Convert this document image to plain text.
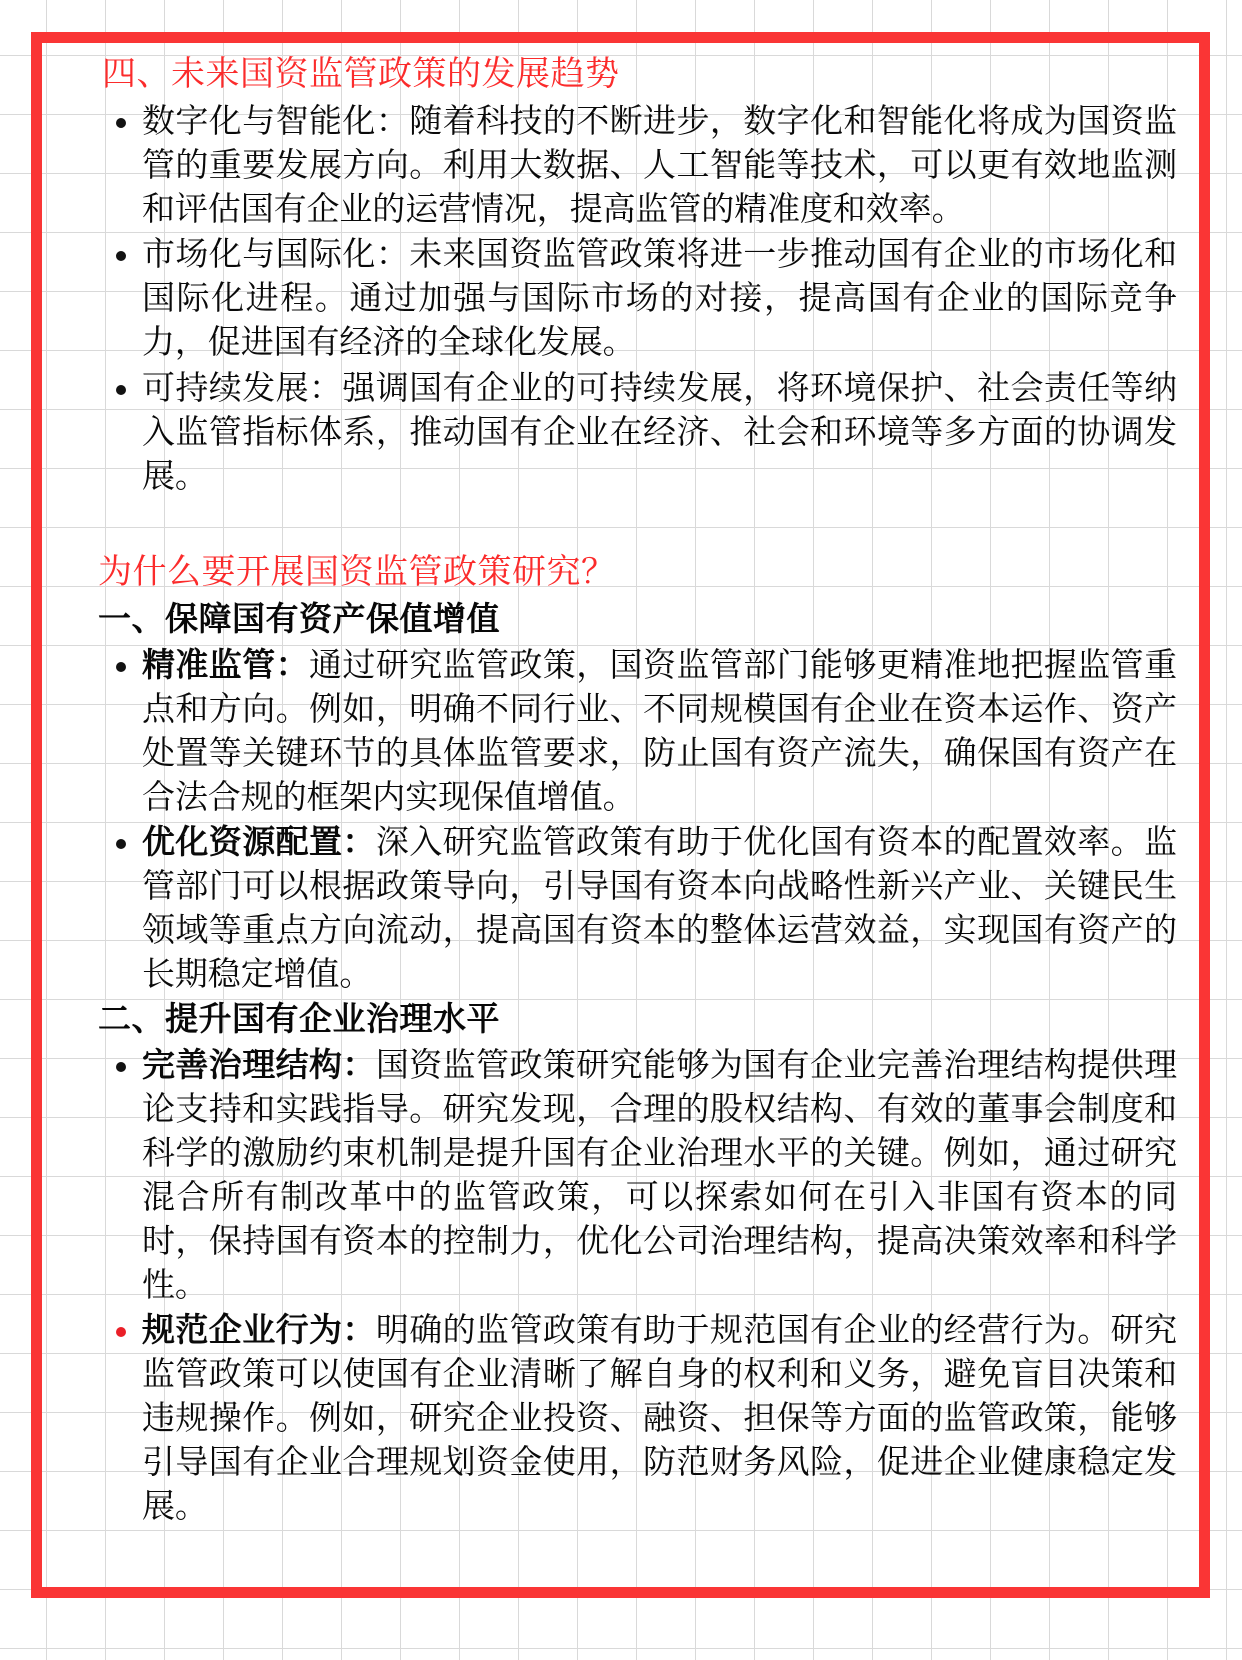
四、未来国资监管政策的发展趋势
数字化与智能化：随着科技的不断进步，数字化和智能化将成为国资监管的重要发展方向。利用大数据、人工智能等技术，可以更有效地监测和评估国有企业的运营情况，提高监管的精准度和效率。
市场化与国际化：未来国资监管政策将进一步推动国有企业的市场化和国际化进程。通过加强与国际市场的对接，提高国有企业的国际竞争力，促进国有经济的全球化发展。
可持续发展：强调国有企业的可持续发展，将环境保护、社会责任等纳入监管指标体系，推动国有企业在经济、社会和环境等多方面的协调发展。
为什么要开展国资监管政策研究？
一、保障国有资产保值增值
精准监管：通过研究监管政策，国资监管部门能够更精准地把握监管重点和方向。例如，明确不同行业、不同规模国有企业在资本运作、资产处置等关键环节的具体监管要求，防止国有资产流失，确保国有资产在合法合规的框架内实现保值增值。
优化资源配置：深入研究监管政策有助于优化国有资本的配置效率。监管部门可以根据政策导向，引导国有资本向战略性新兴产业、关键民生领域等重点方向流动，提高国有资本的整体运营效益，实现国有资产的长期稳定增值。
二、提升国有企业治理水平
完善治理结构：国资监管政策研究能够为国有企业完善治理结构提供理论支持和实践指导。研究发现，合理的股权结构、有效的董事会制度和科学的激励约束机制是提升国有企业治理水平的关键。例如，通过研究混合所有制改革中的监管政策，可以探索如何在引入非国有资本的同时，保持国有资本的控制力，优化公司治理结构，提高决策效率和科学性。
规范企业行为：明确的监管政策有助于规范国有企业的经营行为。研究监管政策可以使国有企业清晰了解自身的权利和义务，避免盲目决策和违规操作。例如，研究企业投资、融资、担保等方面的监管政策，能够引导国有企业合理规划资金使用，防范财务风险，促进企业健康稳定发展。
